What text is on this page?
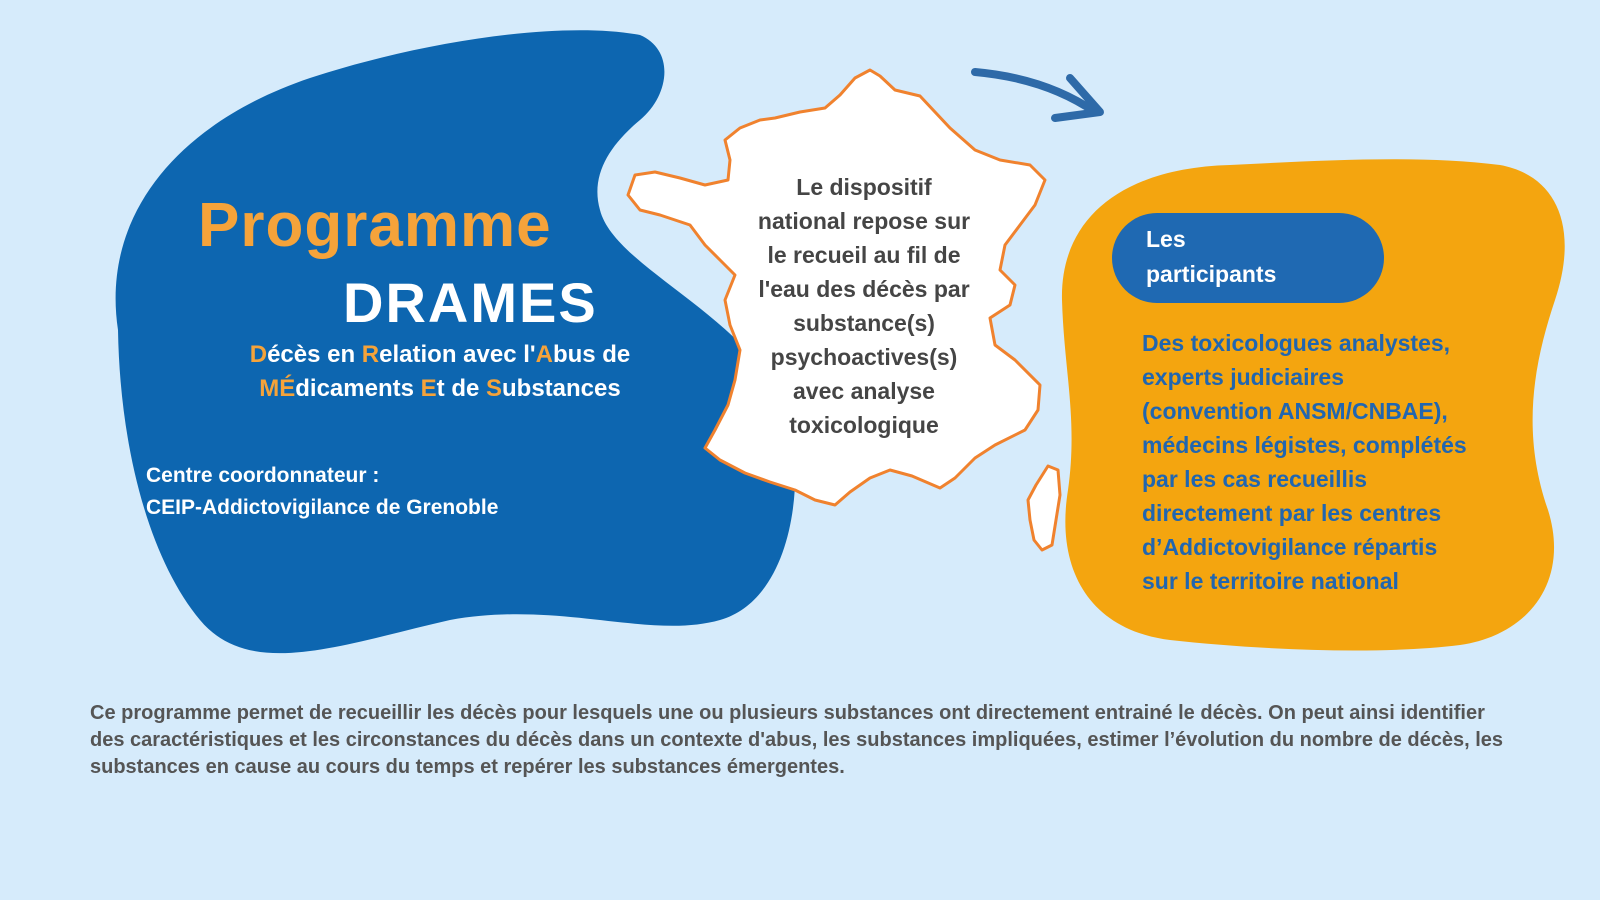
Programme
DRAMES
Décès en Relation avec l'Abus de
MÉdicaments Et de Substances
Centre coordonnateur :
CEIP-Addictovigilance de Grenoble
Le dispositif
national repose sur
le recueil au fil de
l'eau des décès par
substance(s)
psychoactives(s)
avec analyse
toxicologique
Les
participants
Des toxicologues analystes,
experts judiciaires
(convention ANSM/CNBAE),
médecins légistes, complétés
par les cas recueillis
directement par les centres
d’Addictovigilance répartis
sur le territoire national
Ce programme permet de recueillir les décès pour lesquels une ou plusieurs substances ont directement entrainé le décès. On peut ainsi identifier des caractéristiques et les circonstances du décès dans un contexte d'abus, les substances impliquées, estimer l’évolution du nombre de décès, les substances en cause au cours du temps et repérer les substances émergentes.
